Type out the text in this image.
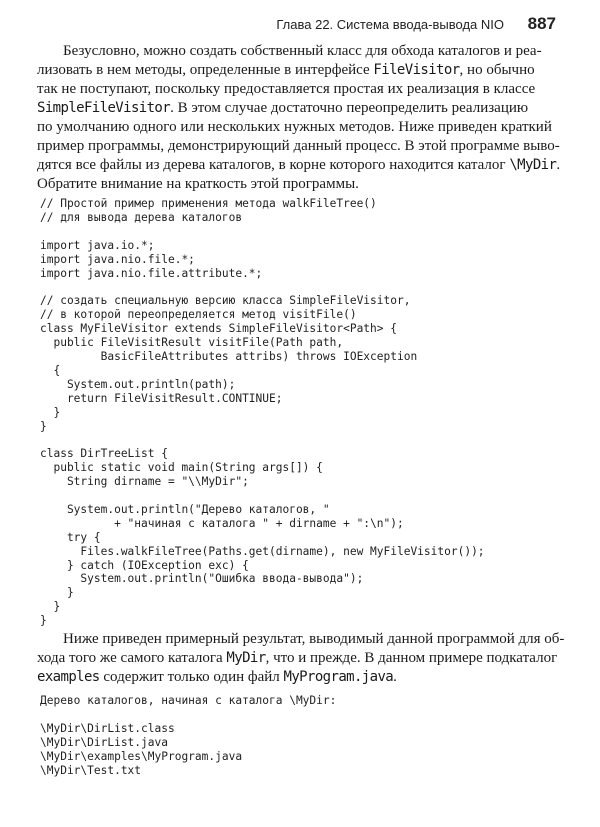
Глава 22. Система ввода-вывода NIO 887
Безусловно, можно создать собственный класс для обхода каталогов и реа-
лизовать в нем методы, определенные в интерфейсе FileVisitor, но обычно
так не поступают, поскольку предоставляется простая их реализация в классе
SimpleFileVisitor. В этом случае достаточно переопределить реализацию
по умолчанию одного или нескольких нужных методов. Ниже приведен краткий
пример программы, демонстрирующий данный процесс. В этой программе выво-
дятся все файлы из дерева каталогов, в корне которого находится каталог \MyDir.
Обратите внимание на краткость этой программы.
// Простой пример применения метода walkFileTree()
// для вывода дерева каталогов

import java.io.*;
import java.nio.file.*;
import java.nio.file.attribute.*;

// создать специальную версию класса SimpleFileVisitor,
// в которой переопределяется метод visitFile()
class MyFileVisitor extends SimpleFileVisitor<Path> {
public FileVisitResult visitFile(Path path,
BasicFileAttributes attribs) throws IOException
{
System.out.println(path);
return FileVisitResult.CONTINUE;
}
}

class DirTreeList {
public static void main(String args[]) {
String dirname = "\\MyDir";

System.out.println("Дерево каталогов, "
+ "начиная с каталога " + dirname + ":\n");
try {
Files.walkFileTree(Paths.get(dirname), new MyFileVisitor());
} catch (IOException exc) {
System.out.println("Ошибка ввода-вывода");
}
}
}
Ниже приведен примерный результат, выводимый данной программой для об-
хода того же самого каталога MyDir, что и прежде. В данном примере подкаталог
examples содержит только один файл MyProgram.java.
Дерево каталогов, начиная с каталога \MyDir:

\MyDir\DirList.class
\MyDir\DirList.java
\MyDir\examples\MyProgram.java
\MyDir\Test.txt
